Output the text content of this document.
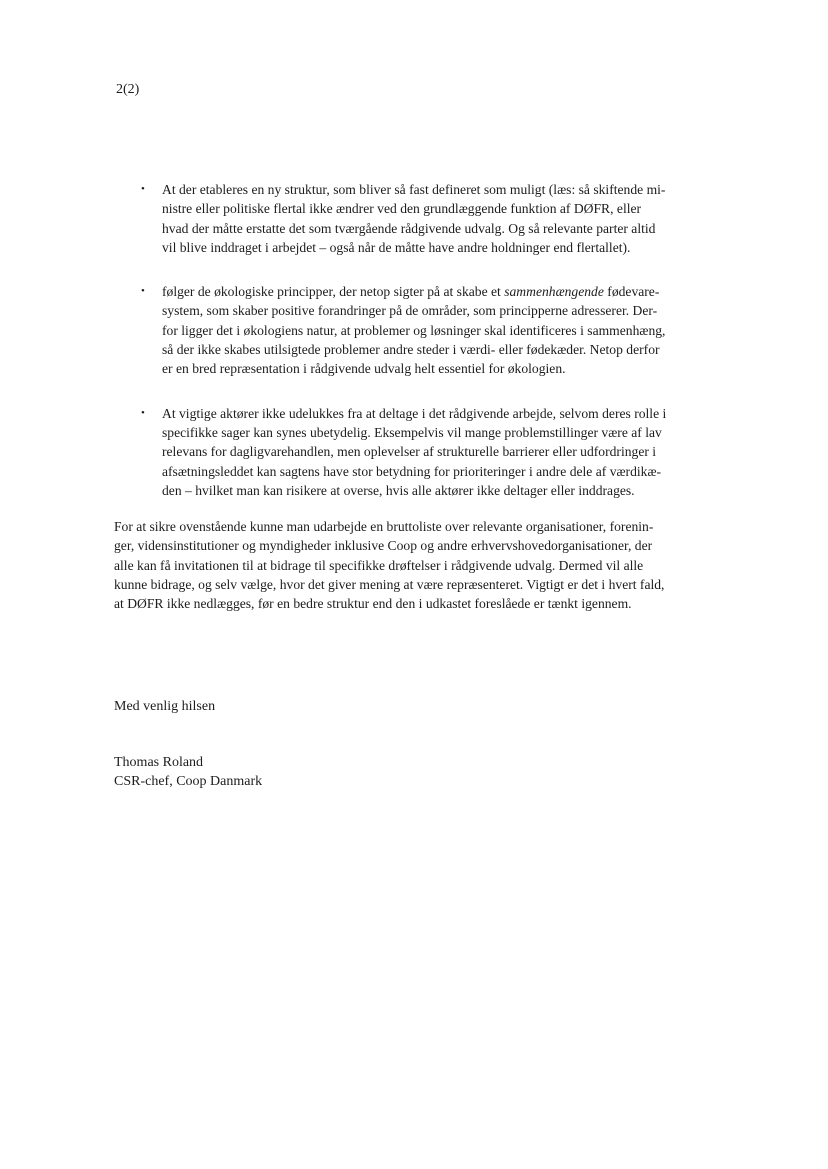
2(2)
• At der etableres en ny struktur, som bliver så fast defineret som muligt (læs: så skiftende mi-
nistre eller politiske flertal ikke ændrer ved den grundlæggende funktion af DØFR, eller
hvad der måtte erstatte det som tværgående rådgivende udvalg. Og så relevante parter altid
vil blive inddraget i arbejdet – også når de måtte have andre holdninger end flertallet).
• følger de økologiske principper, der netop sigter på at skabe et sammenhængende fødevare-
system, som skaber positive forandringer på de områder, som principperne adresserer. Der-
for ligger det i økologiens natur, at problemer og løsninger skal identificeres i sammenhæng,
så der ikke skabes utilsigtede problemer andre steder i værdi- eller fødekæder. Netop derfor
er en bred repræsentation i rådgivende udvalg helt essentiel for økologien.
• At vigtige aktører ikke udelukkes fra at deltage i det rådgivende arbejde, selvom deres rolle i
specifikke sager kan synes ubetydelig. Eksempelvis vil mange problemstillinger være af lav
relevans for dagligvarehandlen, men oplevelser af strukturelle barrierer eller udfordringer i
afsætningsleddet kan sagtens have stor betydning for prioriteringer i andre dele af værdikæ-
den – hvilket man kan risikere at overse, hvis alle aktører ikke deltager eller inddrages.
For at sikre ovenstående kunne man udarbejde en bruttoliste over relevante organisationer, forenin-
ger, vidensinstitutioner og myndigheder inklusive Coop og andre erhvervshovedorganisationer, der
alle kan få invitationen til at bidrage til specifikke drøftelser i rådgivende udvalg. Dermed vil alle
kunne bidrage, og selv vælge, hvor det giver mening at være repræsenteret. Vigtigt er det i hvert fald,
at DØFR ikke nedlægges, før en bedre struktur end den i udkastet foreslåede er tænkt igennem.
Med venlig hilsen
Thomas Roland
CSR-chef, Coop Danmark
